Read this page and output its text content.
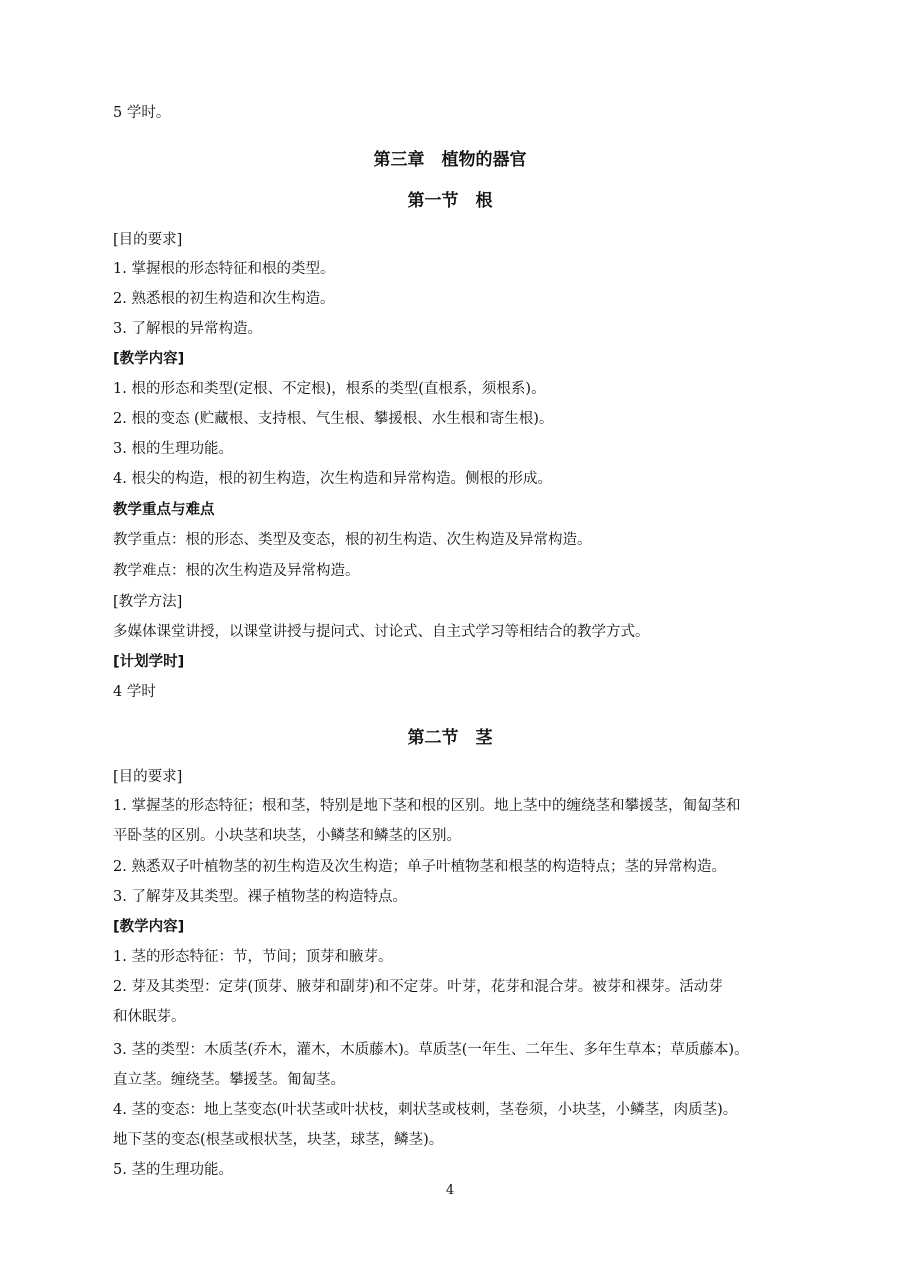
5 学时。
第三章　植物的器官
第一节　根
[目的要求]
1. 掌握根的形态特征和根的类型。
2. 熟悉根的初生构造和次生构造。
3. 了解根的异常构造。
[教学内容]
1. 根的形态和类型(定根、不定根)，根系的类型(直根系，须根系)。
2. 根的变态 (贮藏根、支持根、气生根、攀援根、水生根和寄生根)。
3. 根的生理功能。
4. 根尖的构造，根的初生构造，次生构造和异常构造。侧根的形成。
教学重点与难点
教学重点：根的形态、类型及变态，根的初生构造、次生构造及异常构造。
教学难点：根的次生构造及异常构造。
[教学方法]
多媒体课堂讲授，以课堂讲授与提问式、讨论式、自主式学习等相结合的教学方式。
[计划学时]
4 学时
第二节　茎
[目的要求]
1. 掌握茎的形态特征；根和茎，特别是地下茎和根的区别。地上茎中的缠绕茎和攀援茎，匍匐茎和
平卧茎的区别。小块茎和块茎，小鳞茎和鳞茎的区别。
2. 熟悉双子叶植物茎的初生构造及次生构造；单子叶植物茎和根茎的构造特点；茎的异常构造。
3. 了解芽及其类型。裸子植物茎的构造特点。
[教学内容]
1. 茎的形态特征：节，节间；顶芽和腋芽。
2. 芽及其类型：定芽(顶芽、腋芽和副芽)和不定芽。叶芽，花芽和混合芽。被芽和裸芽。活动芽
和休眠芽。
3. 茎的类型：木质茎(乔木，灌木，木质藤木)。草质茎(一年生、二年生、多年生草本；草质藤本)。
直立茎。缠绕茎。攀援茎。匍匐茎。
4. 茎的变态：地上茎变态(叶状茎或叶状枝，刺状茎或枝刺，茎卷须，小块茎，小鳞茎，肉质茎)。
地下茎的变态(根茎或根状茎，块茎，球茎，鳞茎)。
5. 茎的生理功能。
4
